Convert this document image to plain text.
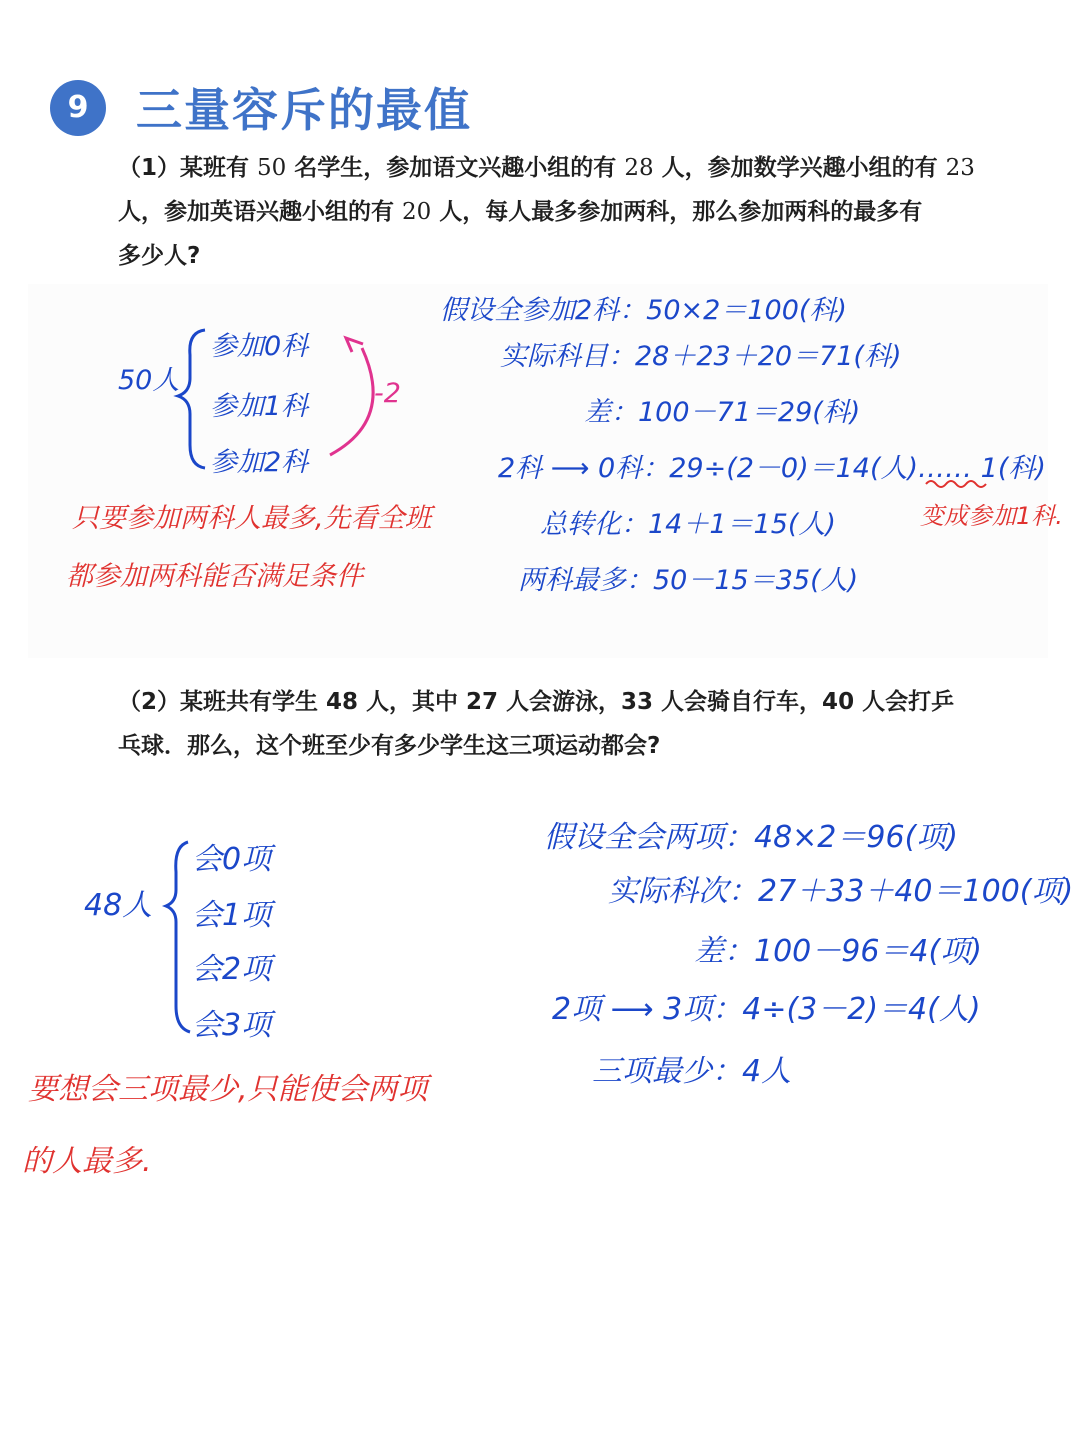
9	三量容斥的最值
（1）某班有 50 名学生，参加语文兴趣小组的有 28 人，参加数学兴趣小组的有 23
人，参加英语兴趣小组的有 20 人，每人最多参加两科，那么参加两科的最多有
多少人?
50人
参加0科
参加1科
参加2科
-2
只要参加两科人最多,先看全班
都参加两科能否满足条件
假设全参加2科：50×2＝100(科)
实际科目：28＋23＋20＝71(科)
差：100－71＝29(科)
2科 ⟶ 0科：29÷(2－0)＝14(人)…… 1(科)
变成参加1科.
总转化：14＋1＝15(人)
两科最多：50－15＝35(人)
（2）某班共有学生 48 人，其中 27 人会游泳，33 人会骑自行车，40 人会打乒
乓球．那么，这个班至少有多少学生这三项运动都会?
48人
会0项
会1项
会2项
会3项
要想会三项最少,只能使会两项
的人最多.
假设全会两项：48×2＝96(项)
实际科次：27＋33＋40＝100(项)
差：100－96＝4(项)
2项 ⟶ 3项：4÷(3－2)＝4(人)
三项最少：4人
